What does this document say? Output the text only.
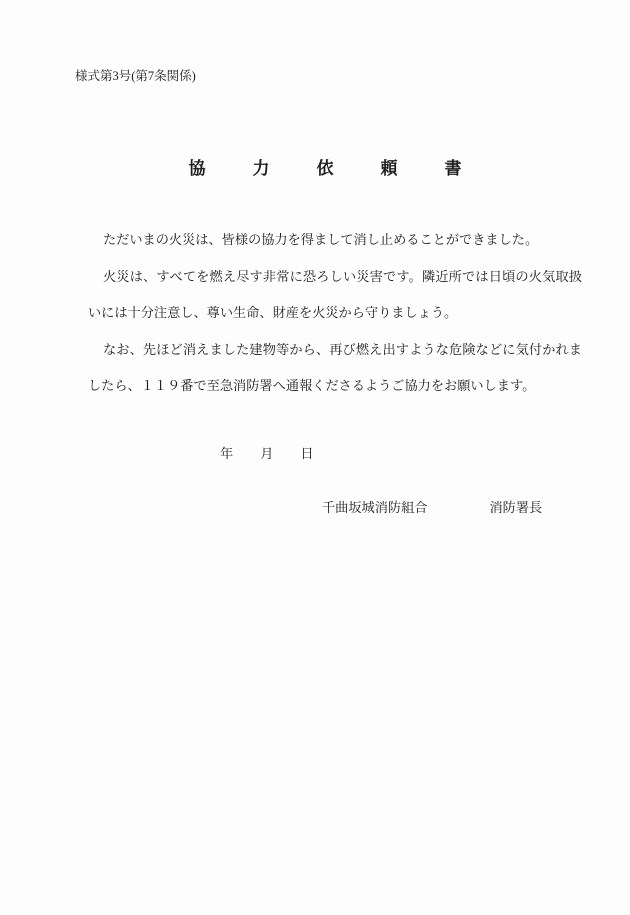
様式第3号(第7条関係)
協力依頼書

ただいまの火災は、皆様の協力を得まして消し止めることができました。

火災は、すべてを燃え尽す非常に恐ろしい災害です。隣近所では日頃の火気取扱いには十分注意し、尊い生命、財産を火災から守りましょう。

なお、先ほど消えました建物等から、再び燃え出すような危険などに気付かれましたら、１１９番で至急消防署へ通報くださるようご協力をお願いします。

年 月 日
千曲坂城消防組合	消防署長
